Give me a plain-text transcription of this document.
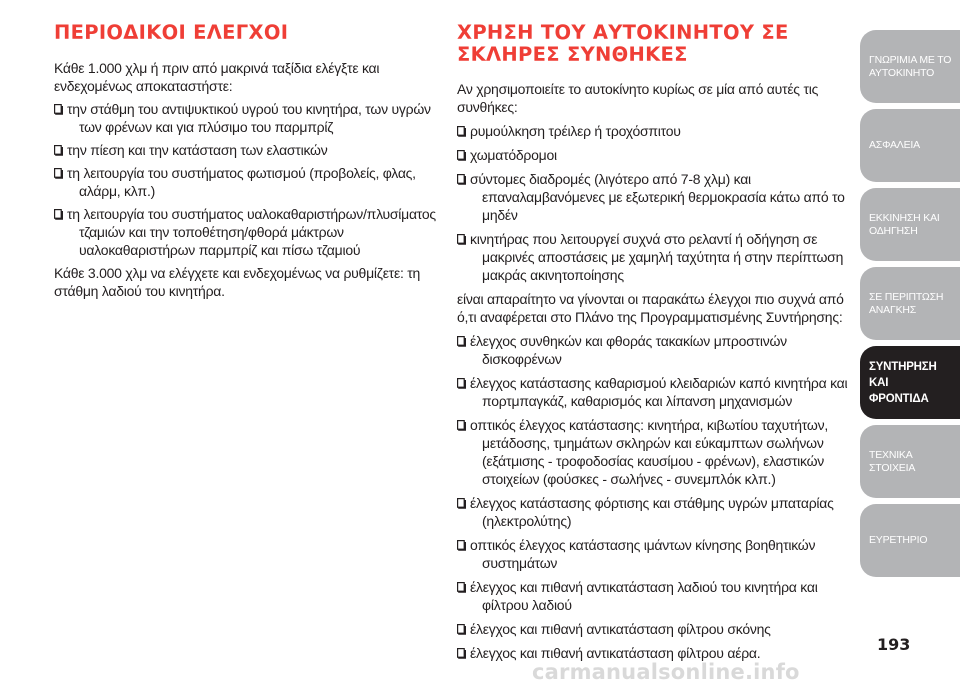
ΠΕΡΙΟΔΙΚΟΙ ΕΛΕΓΧΟΙ

Κάθε 1.000 χλμ ή πριν από μακρινά ταξίδια ελέγξτε και ενδεχομένως αποκαταστήστε:

την στάθμη του αντιψυκτικού υγρού του κινητήρα, των υγρών των φρένων και για πλύσιμο του παρμπρίζ
την πίεση και την κατάσταση των ελαστικών
τη λειτουργία του συστήματος φωτισμού (προβολείς, φλας, αλάρμ, κλπ.)
τη λειτουργία του συστήματος υαλοκαθαριστήρων/πλυσίματος τζαμιών και την τοποθέτηση/φθορά μάκτρων υαλοκαθαριστήρων παρμπρίζ και πίσω τζαμιού

Κάθε 3.000 χλμ να ελέγχετε και ενδεχομένως να ρυθμίζετε: τη στάθμη λαδιού του κινητήρα.

ΧΡΗΣΗ ΤΟΥ ΑΥΤΟΚΙΝΗΤΟΥ ΣΕ
ΣΚΛΗΡΕΣ ΣΥΝΘΗΚΕΣ

Αν χρησιμοποιείτε το αυτοκίνητο κυρίως σε μία από αυτές τις συνθήκες:

ρυμούλκηση τρέιλερ ή τροχόσπιτου
χωματόδρομοι
σύντομες διαδρομές (λιγότερο από 7-8 χλμ) και επαναλαμβανόμενες με εξωτερική θερμοκρασία κάτω από το μηδέν
κινητήρας που λειτουργεί συχνά στο ρελαντί ή οδήγηση σε μακρινές αποστάσεις με χαμηλή ταχύτητα ή στην περίπτωση μακράς ακινητοποίησης

είναι απαραίτητο να γίνονται οι παρακάτω έλεγχοι πιο συχνά από ό,τι αναφέρεται στο Πλάνο της Προγραμματισμένης Συντήρησης:

έλεγχος συνθηκών και φθοράς τακακίων μπροστινών δισκοφρένων
έλεγχος κατάστασης καθαρισμού κλειδαριών καπό κινητήρα και πορτμπαγκάζ, καθαρισμός και λίπανση μηχανισμών
οπτικός έλεγχος κατάστασης: κινητήρα, κιβωτίου ταχυτήτων, μετάδοσης, τμημάτων σκληρών και εύκαμπτων σωλήνων (εξάτμισης - τροφοδοσίας καυσίμου - φρένων), ελαστικών στοιχείων (φούσκες - σωλήνες - συνεμπλόκ κλπ.)
έλεγχος κατάστασης φόρτισης και στάθμης υγρών μπαταρίας (ηλεκτρολύτης)
οπτικός έλεγχος κατάστασης ιμάντων κίνησης βοηθητικών συστημάτων
έλεγχος και πιθανή αντικατάσταση λαδιού του κινητήρα και φίλτρου λαδιού
έλεγχος και πιθανή αντικατάσταση φίλτρου σκόνης
έλεγχος και πιθανή αντικατάσταση φίλτρου αέρα.
ΓΝΩΡΙΜΙΑ ΜΕ ΤΟ
ΑΥΤΟΚΙΝΗΤΟ
ΑΣΦΑΛΕΙΑ
ΕΚΚΙΝΗΣΗ ΚΑΙ
ΟΔΗΓΗΣΗ
ΣΕ ΠΕΡΙΠΤΩΣΗ
ΑΝΑΓΚΗΣ
ΣΥΝΤΗΡΗΣΗ ΚΑΙ
ΦΡΟΝΤΙΔΑ
ΤΕΧΝΙΚΑ ΣΤΟΙΧΕΙΑ
ΕΥΡΕΤΗΡΙΟ
193
carmanualsonline.info
